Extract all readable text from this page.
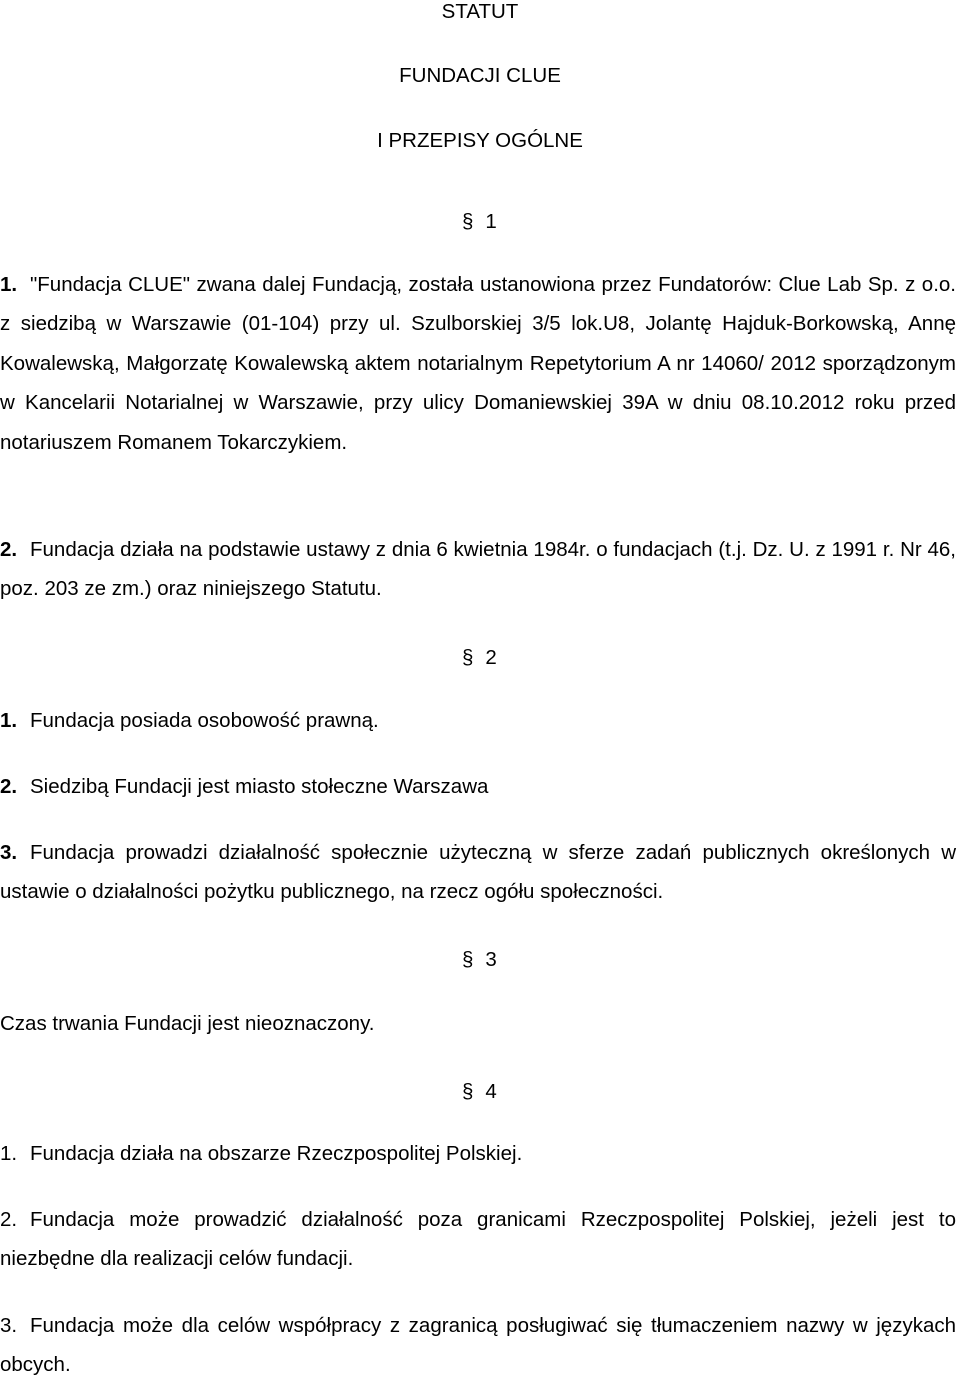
STATUT
FUNDACJI CLUE
I PRZEPISY OGÓLNE
§ 1
1. "Fundacja CLUE" zwana dalej Fundacją, została ustanowiona przez Fundatorów: Clue Lab Sp. z o.o. z siedzibą w Warszawie (01-104) przy ul. Szulborskiej 3/5 lok.U8, Jolantę Hajduk-Borkowską, Annę Kowalewską, Małgorzatę Kowalewską aktem notarialnym Repetytorium A nr 14060/ 2012 sporządzonym w Kancelarii Notarialnej w Warszawie, przy ulicy Domaniewskiej 39A w dniu 08.10.2012 roku przed notariuszem Romanem Tokarczykiem.
2. Fundacja działa na podstawie ustawy z dnia 6 kwietnia 1984r. o fundacjach (t.j. Dz. U. z 1991 r. Nr 46, poz. 203 ze zm.) oraz niniejszego Statutu.
§ 2
1. Fundacja posiada osobowość prawną.
2. Siedzibą Fundacji jest miasto stołeczne Warszawa
3. Fundacja prowadzi działalność społecznie użyteczną w sferze zadań publicznych określonych w ustawie o działalności pożytku publicznego, na rzecz ogółu społeczności.
§ 3
Czas trwania Fundacji jest nieoznaczony.
§ 4
1. Fundacja działa na obszarze Rzeczpospolitej Polskiej.
2. Fundacja może prowadzić działalność poza granicami Rzeczpospolitej Polskiej, jeżeli jest to niezbędne dla realizacji celów fundacji.
3. Fundacja może dla celów współpracy z zagranicą posługiwać się tłumaczeniem nazwy w językach obcych.
